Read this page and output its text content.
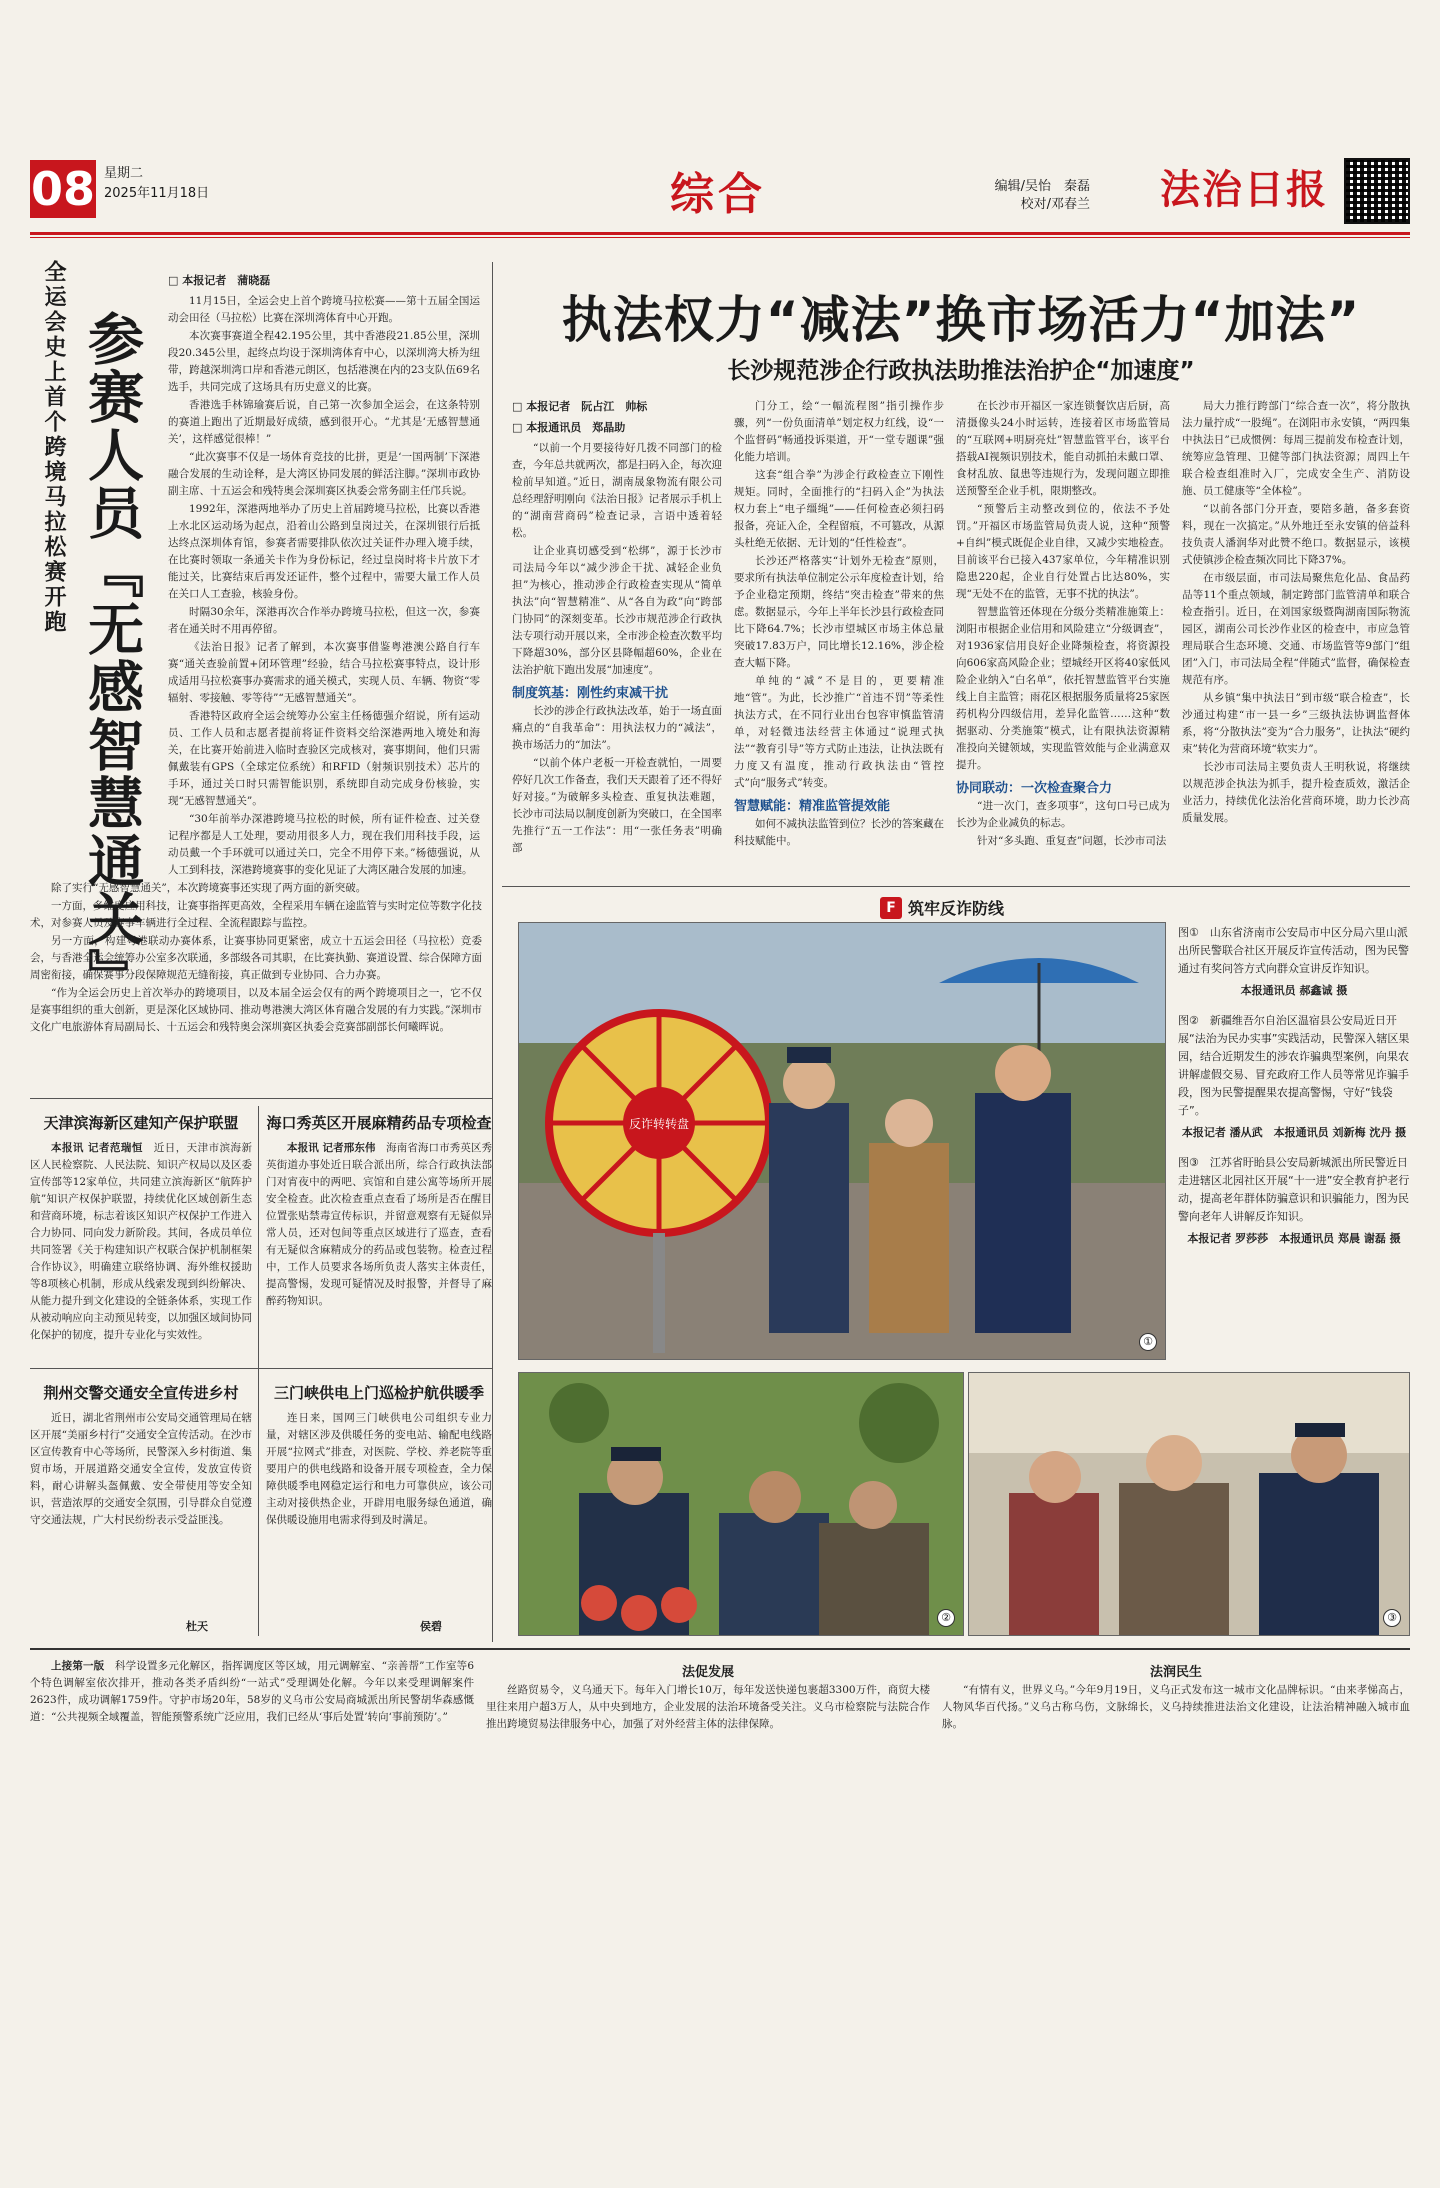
08 星期二
2025年11月18日	综合	编辑/吴怡　秦磊
校对/邓春兰 法治日报
全运会史上首个跨境马拉松赛开跑 参赛人员『无感智慧通关』
□ 本报记者　蒲晓磊

11月15日，全运会史上首个跨境马拉松赛——第十五届全国运动会田径（马拉松）比赛在深圳湾体育中心开跑。

本次赛事赛道全程42.195公里，其中香港段21.85公里，深圳段20.345公里，起终点均设于深圳湾体育中心，以深圳湾大桥为纽带，跨越深圳湾口岸和香港元朗区，包括港澳在内的23支队伍69名选手，共同完成了这场具有历史意义的比赛。

香港选手林锦瑜赛后说，自己第一次参加全运会，在这条特别的赛道上跑出了近期最好成绩，感到很开心。“尤其是‘无感智慧通关’，这样感觉很棒！”

“此次赛事不仅是一场体育竞技的比拼，更是‘一国两制’下深港融合发展的生动诠释，是大湾区协同发展的鲜活注脚。”深圳市政协副主席、十五运会和残特奥会深圳赛区执委会常务副主任邝兵说。

1992年，深港两地举办了历史上首届跨境马拉松，比赛以香港上水北区运动场为起点，沿着山公路到皇岗过关，在深圳银行后抵达终点深圳体育馆，参赛者需要排队依次过关证件办理入境手续，在比赛时领取一条通关卡作为身份标记，经过皇岗时将卡片放下才能过关，比赛结束后再发还证件，整个过程中，需要大量工作人员在关口人工查验，核验身份。

时隔30余年，深港再次合作举办跨境马拉松，但这一次，参赛者在通关时不用再停留。

《法治日报》记者了解到，本次赛事借鉴粤港澳公路自行车赛“通关查验前置+闭环管理”经验，结合马拉松赛事特点，设计形成适用马拉松赛事办赛需求的通关模式，实现人员、车辆、物资“零辐射、零接触、零等待”“无感智慧通关”。

香港特区政府全运会统筹办公室主任杨德强介绍说，所有运动员、工作人员和志愿者提前将证件资料交给深港两地入境处和海关，在比赛开始前进入临时查验区完成核对，赛事期间，他们只需佩戴装有GPS（全球定位系统）和RFID（射频识别技术）芯片的手环，通过关口时只需智能识别，系统即自动完成身份核验，实现“无感智慧通关”。

“30年前举办深港跨境马拉松的时候，所有证件检查、过关登记程序都是人工处理，要动用很多人力，现在我们用科技手段，运动员戴一个手环就可以通过关口，完全不用停下来。”杨德强说，从人工到科技，深港跨境赛事的变化见证了大湾区融合发展的加速。

除了实行“无感智慧通关”，本次跨境赛事还实现了两方面的新突破。

一方面，多维度应用科技，让赛事指挥更高效，全程采用车辆在途监管与实时定位等数字化技术，对参赛人员及赛事车辆进行全过程、全流程跟踪与监控。

另一方面，构建粤港联动办赛体系，让赛事协同更紧密，成立十五运会田径（马拉松）竞委会，与香港全运会统筹办公室多次联通，多部级各司其职，在比赛执勤、赛道设置、综合保障方面周密衔接，确保赛事分段保障规范无缝衔接，真正做到专业协同、合力办赛。

“作为全运会历史上首次举办的跨境项目，以及本届全运会仅有的两个跨境项目之一，它不仅是赛事组织的重大创新，更是深化区域协同、推动粤港澳大湾区体育融合发展的有力实践。”深圳市文化广电旅游体育局副局长、十五运会和残特奥会深圳赛区执委会竞赛部副部长何曦晖说。

执法权力“减法”换市场活力“加法”
长沙规范涉企行政执法助推法治护企“加速度”
□ 本报记者　阮占江　帅标
□ 本报通讯员　郑晶助

“以前一个月要接待好几拨不同部门的检查，今年总共就两次，都是扫码入企，每次迎检前早知道。”近日，湖南晟象物流有限公司总经理舒明刚向《法治日报》记者展示手机上的“湖南营商码”检查记录，言语中透着轻松。

让企业真切感受到“松绑”，源于长沙市司法局今年以“减少涉企干扰、减轻企业负担”为核心，推动涉企行政检查实现从“简单执法”向“智慧精准”、从“各自为政”向“跨部门协同”的深刻变革。长沙市规范涉企行政执法专项行动开展以来，全市涉企检查次数平均下降超30%，部分区县降幅超60%，企业在法治护航下跑出发展“加速度”。

制度筑基：刚性约束减干扰

长沙的涉企行政执法改革，始于一场直面痛点的“自我革命”：用执法权力的“减法”，换市场活力的“加法”。

“以前个体户老板一开检查就怕，一周要停好几次工作备查，我们天天跟着了还不得好好对接。”为破解多头检查、重复执法难题，长沙市司法局以制度创新为突破口，在全国率先推行“五一工作法”：用“一张任务表”明确部

门分工，绘“一幅流程图”指引操作步骤，列“一份负面清单”划定权力红线，设“一个监督码”畅通投诉渠道，开“一堂专题课”强化能力培训。

这套“组合拳”为涉企行政检查立下刚性规矩。同时，全面推行的“扫码入企”为执法权力套上“电子缰绳”——任何检查必须扫码报备，亮证入企，全程留痕，不可篡改，从源头杜绝无依据、无计划的“任性检查”。

长沙还严格落实“计划外无检查”原则，要求所有执法单位制定公示年度检查计划，给予企业稳定预期，终结“突击检查”带来的焦虑。数据显示，今年上半年长沙县行政检查同比下降64.7%；长沙市望城区市场主体总量突破17.83万户，同比增长12.16%，涉企检查大幅下降。

单纯的“减”不是目的，更要精准地“管”。为此，长沙推广“首违不罚”等柔性执法方式，在不同行业出台包容审慎监管清单，对轻微违法经营主体通过“说理式执法”“教育引导”等方式防止违法，让执法既有力度又有温度，推动行政执法由“管控式”向“服务式”转变。

智慧赋能：精准监管提效能

如何不减执法监管到位？长沙的答案藏在科技赋能中。

在长沙市开福区一家连锁餐饮店后厨，高清摄像头24小时运转，连接着区市场监管局的“互联网+明厨亮灶”智慧监管平台，该平台搭载AI视频识别技术，能自动抓拍未戴口罩、食材乱放、鼠患等违规行为，发现问题立即推送预警至企业手机，限期整改。

“预警后主动整改到位的，依法不予处罚。”开福区市场监管局负责人说，这种“预警+自纠”模式既促企业自律，又减少实地检查。目前该平台已接入437家单位，今年精准识别隐患220起，企业自行处置占比达80%，实现“无处不在的监管，无事不扰的执法”。

智慧监管还体现在分级分类精准施策上：浏阳市根据企业信用和风险建立“分级调查”，对1936家信用良好企业降频检查，将资源投向606家高风险企业；望城经开区将40家低风险企业纳入“白名单”，依托智慧监管平台实施线上自主监管；雨花区根据服务质量将25家医药机构分四级信用，差异化监管……这种“数据驱动、分类施策”模式，让有限执法资源精准投向关键领域，实现监管效能与企业满意双提升。

协同联动：一次检查聚合力

“进一次门，查多项事”，这句口号已成为长沙为企业减负的标志。

针对“多头跑、重复查”问题，长沙市司法

局大力推行跨部门“综合查一次”，将分散执法力量拧成“一股绳”。在浏阳市永安镇，“两四集中执法日”已成惯例：每周三提前发布检查计划，统筹应急管理、卫健等部门执法资源；周四上午联合检查组准时入厂，完成安全生产、消防设施、员工健康等“全体检”。

“以前各部门分开查，要陪多趟，备多套资料，现在一次搞定。”从外地迁至永安镇的倍益科技负责人潘润华对此赞不绝口。数据显示，该模式使镇涉企检查频次同比下降37%。

在市级层面，市司法局聚焦危化品、食品药品等11个重点领域，制定跨部门监管清单和联合检查指引。近日，在刘国家级暨陶湖南国际物流园区，湖南公司长沙作业区的检查中，市应急管理局联合生态环境、交通、市场监管等9部门“组团”入门，市司法局全程“伴随式”监督，确保检查规范有序。

从乡镇“集中执法日”到市级“联合检查”，长沙通过构建“市一县一乡”三级执法协调监督体系，将“分散执法”变为“合力服务”，让执法“硬约束”转化为营商环境“软实力”。

长沙市司法局主要负责人王明秋说，将继续以规范涉企执法为抓手，提升检查质效，激活企业活力，持续优化法治化营商环境，助力长沙高质量发展。

F 筑牢反诈防线
反诈转转盘
①
图①　山东省济南市公安局市中区分局六里山派出所民警联合社区开展反诈宣传活动，图为民警通过有奖问答方式向群众宣讲反诈知识。
本报通讯员 郝鑫诚 摄
图②　新疆维吾尔自治区温宿县公安局近日开展“法治为民办实事”实践活动，民警深入辖区果园，结合近期发生的涉农诈骗典型案例，向果农讲解虚假交易、冒充政府工作人员等常见诈骗手段，图为民警提醒果农提高警惕，守好“钱袋子”。
本报记者 潘从武　本报通讯员 刘新梅 沈丹 摄
图③　江苏省盱眙县公安局新城派出所民警近日走进辖区北园社区开展“十一进”安全教育护老行动，提高老年群体防骗意识和识骗能力，图为民警向老年人讲解反诈知识。
本报记者 罗莎莎　本报通讯员 郑晨 谢磊 摄
②	③
天津滨海新区建知产保护联盟

本报讯 记者范瑞恒　 近日，天津市滨海新区人民检察院、人民法院、知识产权局以及区委宣传部等12家单位，共同建立滨海新区“航阵护航”知识产权保护联盟，持续优化区域创新生态和营商环境，标志着该区知识产权保护工作进入合力协同、同向发力新阶段。其间，各成员单位共同签署《关于构建知识产权联合保护机制框架合作协议》，明确建立联络协调、海外维权援助等8项核心机制，形成从线索发现到纠纷解决、从能力提升到文化建设的全链条体系，实现工作从被动响应向主动预见转变，以加强区域间协同化保护的韧度，提升专业化与实效性。

海口秀英区开展麻精药品专项检查

本报讯 记者邢东伟　 海南省海口市秀英区秀英街道办事处近日联合派出所，综合行政执法部门对宵夜中的两吧、宾馆和自建公寓等场所开展安全检查。此次检查重点查看了场所是否在醒目位置张贴禁毒宣传标识，并留意观察有无疑似异常人员，还对包间等重点区域进行了巡查，查看有无疑似含麻精成分的药品或包装物。检查过程中，工作人员要求各场所负责人落实主体责任，提高警惕，发现可疑情况及时报警，并督导了麻醉药物知识。

荆州交警交通安全宣传进乡村

近日，湖北省荆州市公安局交通管理局在辖区开展“美丽乡村行”交通安全宣传活动。在沙市区宣传教育中心等场所，民警深入乡村街道、集贸市场，开展道路交通安全宣传，发放宣传资料，耐心讲解头盔佩戴、安全带使用等安全知识，营造浓厚的交通安全氛围，引导群众自觉遵守交通法规，广大村民纷纷表示受益匪浅。

杜天
三门峡供电上门巡检护航供暖季

连日来，国网三门峡供电公司组织专业力量，对辖区涉及供暖任务的变电站、输配电线路开展“拉网式”排查，对医院、学校、养老院等重要用户的供电线路和设备开展专项检查，全力保障供暖季电网稳定运行和电力可靠供应，该公司主动对接供热企业，开辟用电服务绿色通道，确保供暖设施用电需求得到及时满足。

侯碧

上接第一版　 科学设置多元化解区，指挥调度区等区域，用元调解室、“亲善帮”工作室等6个特色调解室依次排开，推动各类矛盾纠纷“一站式”受理调处化解。今年以来受理调解案件2623件，成功调解1759件。守护市场20年，58岁的义乌市公安局商城派出所民警胡华森感慨道：“公共视频全域覆盖，智能预警系统广泛应用，我们已经从‘事后处置’转向‘事前预防’。”

法促发展

丝路贸易令，义乌通天下。每年入门增长10万，每年发送快递包裹超3300万件，商贸大楼里往来用户超3万人，从中央到地方，企业发展的法治环境备受关注。义乌市检察院与法院合作推出跨境贸易法律服务中心，加强了对外经营主体的法律保障。

法润民生

“有情有义，世界义乌。”今年9月19日，义乌正式发布这一城市文化品牌标识。“由来孝悌高占，人物风华百代扬。”义乌古称乌伤，文脉绵长，义乌持续推进法治文化建设，让法治精神融入城市血脉。
